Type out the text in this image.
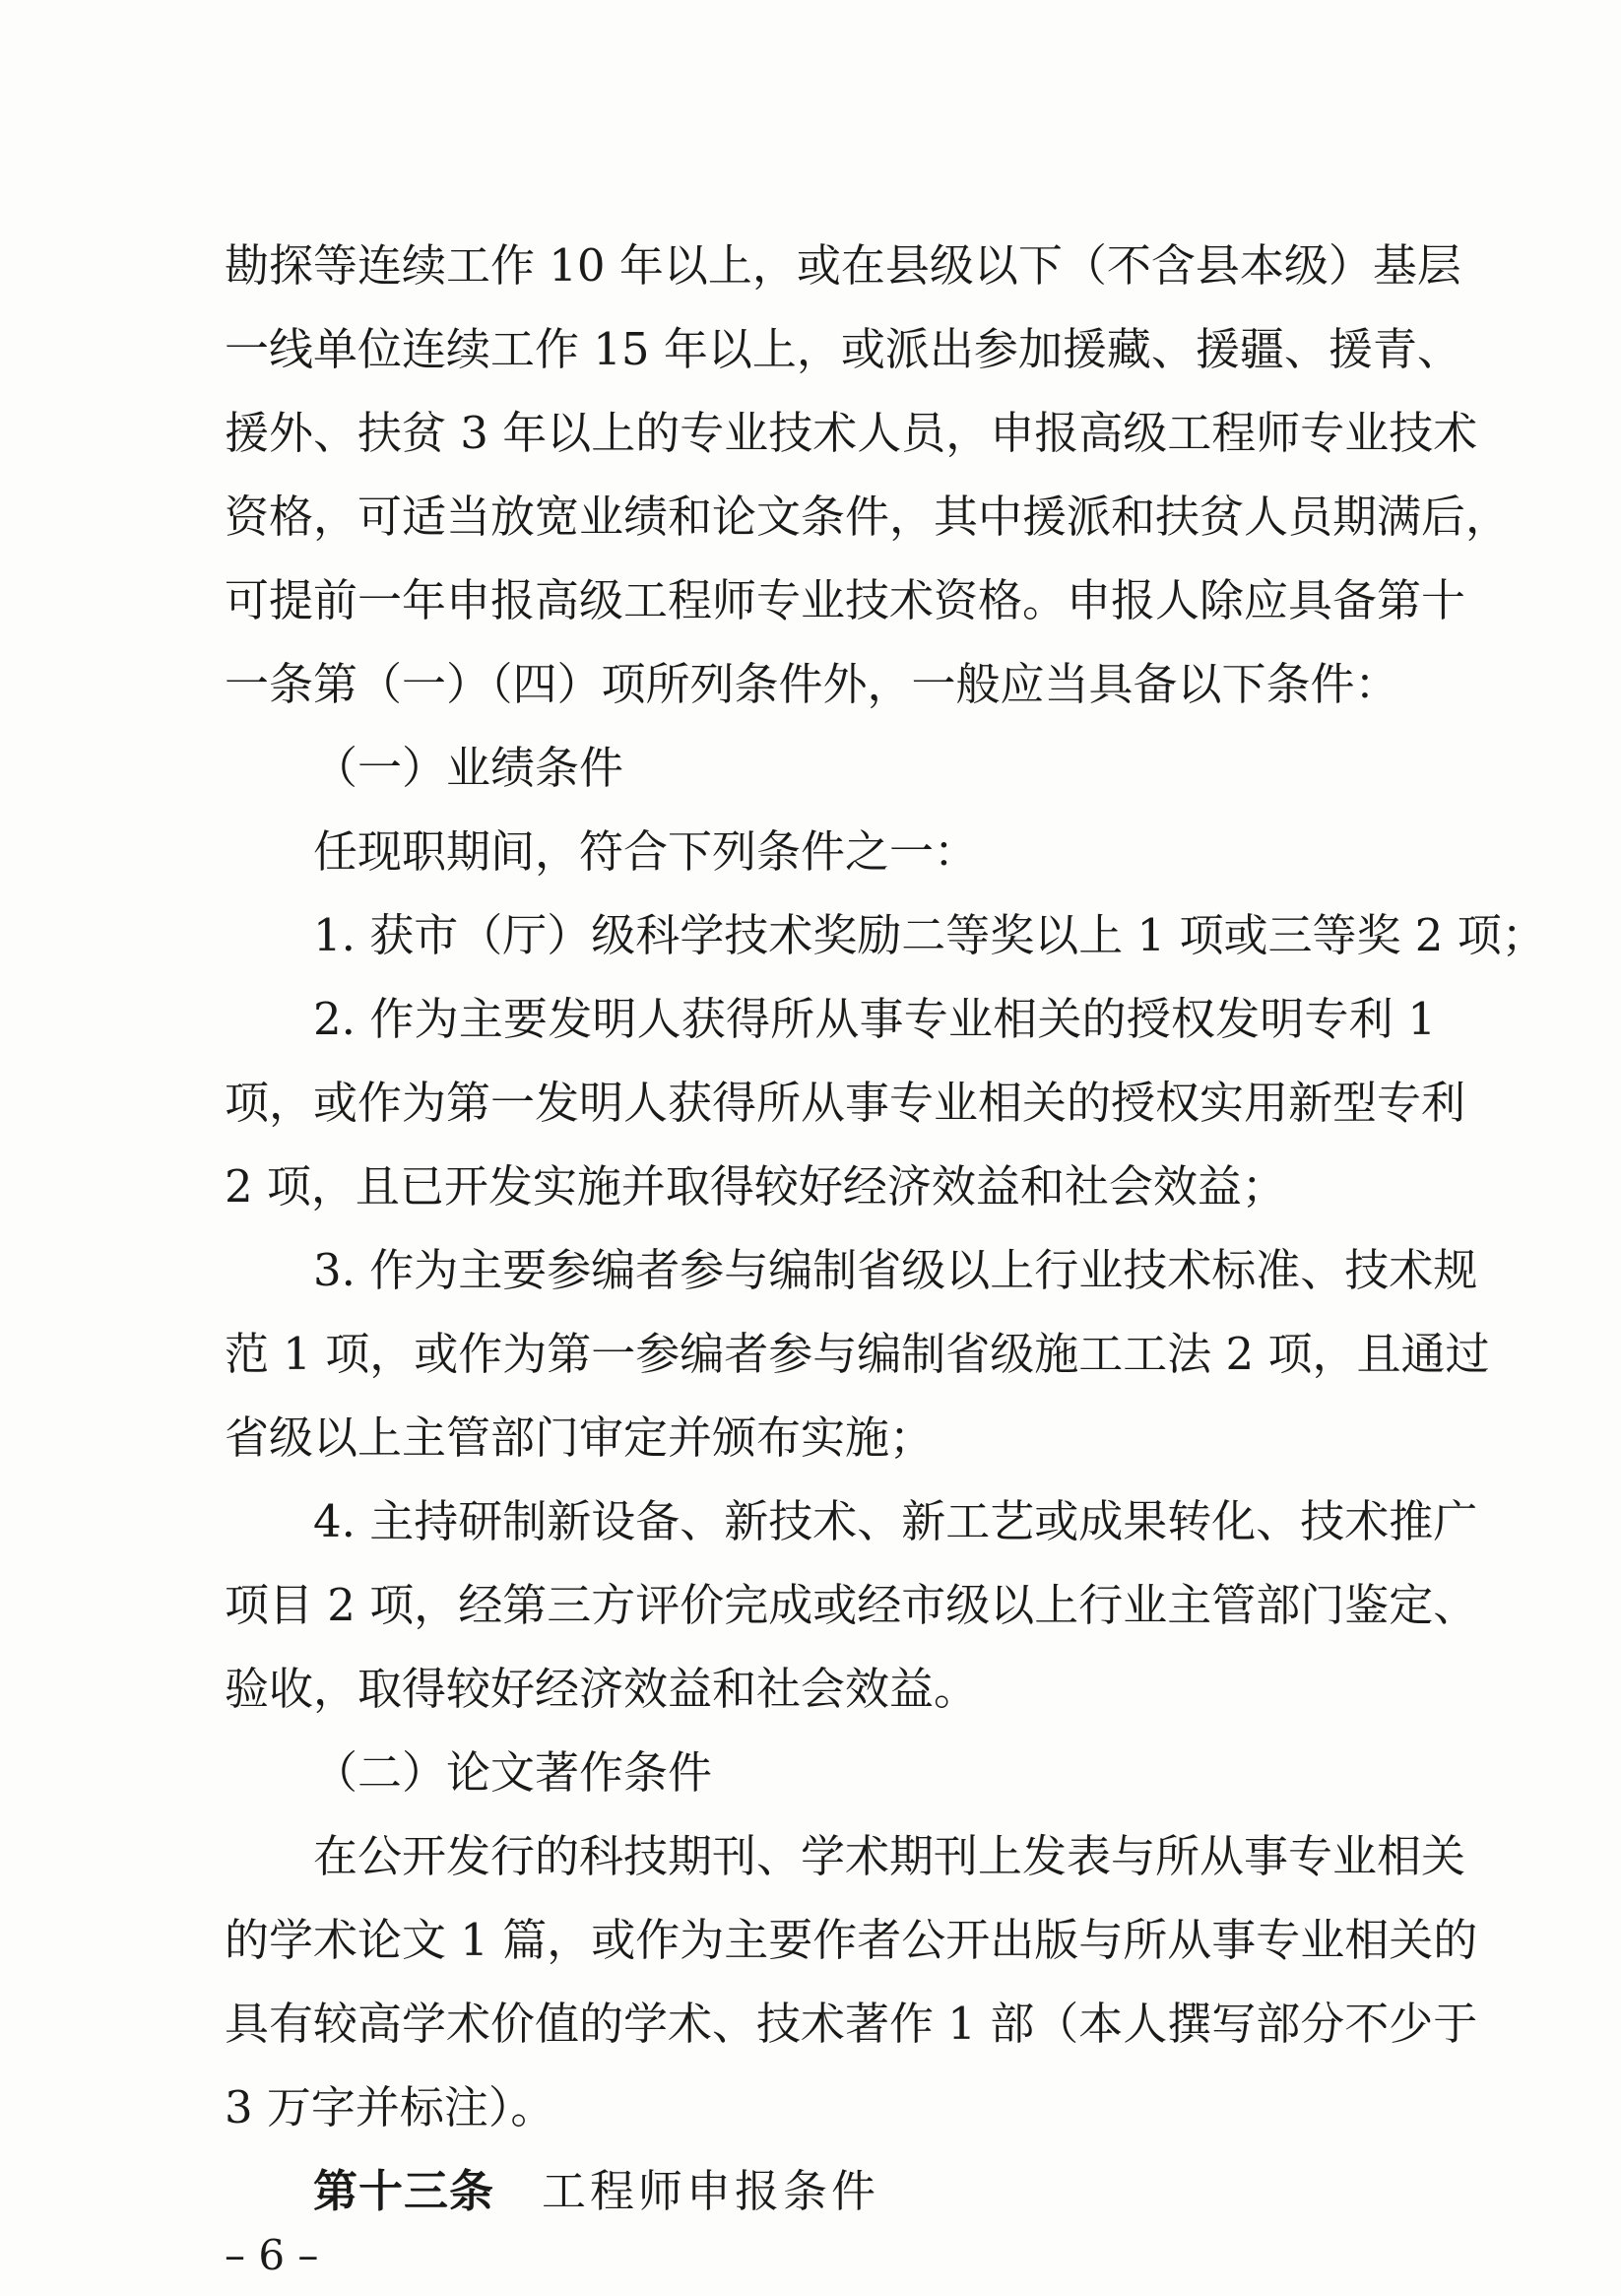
勘探等连续工作 10 年以上，或在县级以下（不含县本级）基层
一线单位连续工作 15 年以上，或派出参加援藏、援疆、援青、
援外、扶贫 3 年以上的专业技术人员，申报高级工程师专业技术
资格，可适当放宽业绩和论文条件，其中援派和扶贫人员期满后，
可提前一年申报高级工程师专业技术资格。申报人除应具备第十
一条第（一）（四）项所列条件外，一般应当具备以下条件：
（一）业绩条件
任现职期间，符合下列条件之一：
1. 获市（厅）级科学技术奖励二等奖以上 1 项或三等奖 2 项；
2. 作为主要发明人获得所从事专业相关的授权发明专利 1
项，或作为第一发明人获得所从事专业相关的授权实用新型专利
2 项，且已开发实施并取得较好经济效益和社会效益；
3. 作为主要参编者参与编制省级以上行业技术标准、技术规
范 1 项，或作为第一参编者参与编制省级施工工法 2 项，且通过
省级以上主管部门审定并颁布实施；
4. 主持研制新设备、新技术、新工艺或成果转化、技术推广
项目 2 项，经第三方评价完成或经市级以上行业主管部门鉴定、
验收，取得较好经济效益和社会效益。
（二）论文著作条件
在公开发行的科技期刊、学术期刊上发表与所从事专业相关
的学术论文 1 篇，或作为主要作者公开出版与所从事专业相关的
具有较高学术价值的学术、技术著作 1 部（本人撰写部分不少于
3 万字并标注）。
第十三条 工程师申报条件
– 6 –
